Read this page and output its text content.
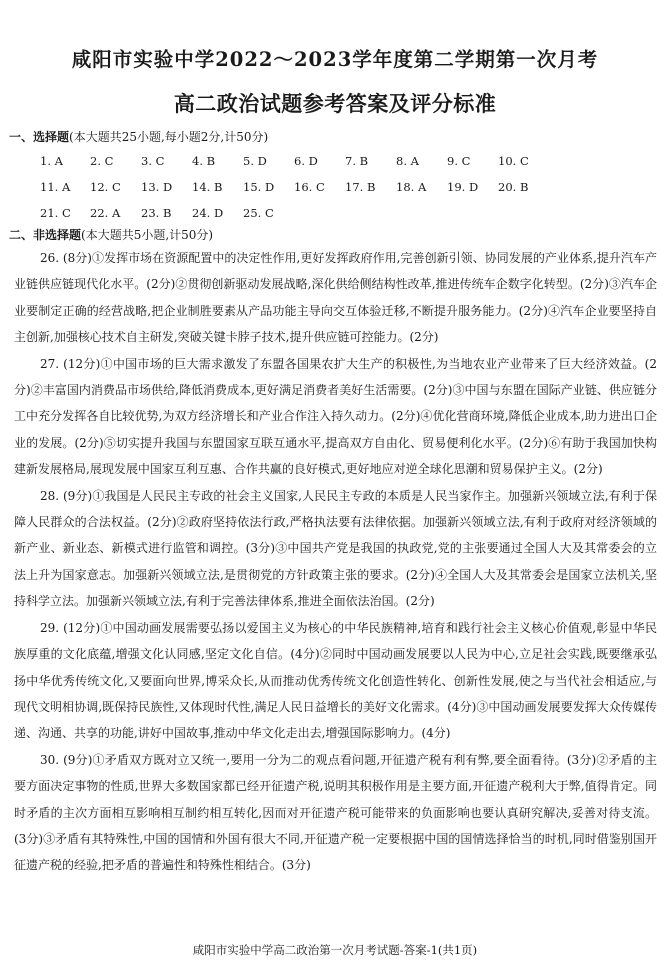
咸阳市实验中学2022～2023学年度第二学期第一次月考
高二政治试题参考答案及评分标准
一、选择题(本大题共25小题,每小题2分,计50分)
1. A 2. C 3. C 4. B 5. D 6. D 7. B 8. A 9. C 10. C
11. A 12. C 13. D 14. B 15. D 16. C 17. B 18. A 19. D 20. B
21. C 22. A 23. B 24. D 25. C
二、非选择题(本大题共5小题,计50分)

26. (8分)①发挥市场在资源配置中的决定性作用,更好发挥政府作用,完善创新引领、协同发展的产业体系,提升汽车产业链供应链现代化水平。(2分)②贯彻创新驱动发展战略,深化供给侧结构性改革,推进传统车企数字化转型。(2分)③汽车企业要制定正确的经营战略,把企业制胜要素从产品功能主导向交互体验迁移,不断提升服务能力。(2分)④汽车企业要坚持自主创新,加强核心技术自主研发,突破关键卡脖子技术,提升供应链可控能力。(2分)

27. (12分)①中国市场的巨大需求激发了东盟各国果农扩大生产的积极性,为当地农业产业带来了巨大经济效益。(2分)②丰富国内消费品市场供给,降低消费成本,更好满足消费者美好生活需要。(2分)③中国与东盟在国际产业链、供应链分工中充分发挥各自比较优势,为双方经济增长和产业合作注入持久动力。(2分)④优化营商环境,降低企业成本,助力进出口企业的发展。(2分)⑤切实提升我国与东盟国家互联互通水平,提高双方自由化、贸易便利化水平。(2分)⑥有助于我国加快构建新发展格局,展现发展中国家互利互惠、合作共赢的良好模式,更好地应对逆全球化思潮和贸易保护主义。(2分)

28. (9分)①我国是人民民主专政的社会主义国家,人民民主专政的本质是人民当家作主。加强新兴领域立法,有利于保障人民群众的合法权益。(2分)②政府坚持依法行政,严格执法要有法律依据。加强新兴领域立法,有利于政府对经济领域的新产业、新业态、新模式进行监管和调控。(3分)③中国共产党是我国的执政党,党的主张要通过全国人大及其常委会的立法上升为国家意志。加强新兴领域立法,是贯彻党的方针政策主张的要求。(2分)④全国人大及其常委会是国家立法机关,坚持科学立法。加强新兴领域立法,有利于完善法律体系,推进全面依法治国。(2分)

29. (12分)①中国动画发展需要弘扬以爱国主义为核心的中华民族精神,培育和践行社会主义核心价值观,彰显中华民族厚重的文化底蕴,增强文化认同感,坚定文化自信。(4分)②同时中国动画发展要以人民为中心,立足社会实践,既要继承弘扬中华优秀传统文化,又要面向世界,博采众长,从而推动优秀传统文化创造性转化、创新性发展,使之与当代社会相适应,与现代文明相协调,既保持民族性,又体现时代性,满足人民日益增长的美好文化需求。(4分)③中国动画发展要发挥大众传媒传递、沟通、共享的功能,讲好中国故事,推动中华文化走出去,增强国际影响力。(4分)

30. (9分)①矛盾双方既对立又统一,要用一分为二的观点看问题,开征遗产税有利有弊,要全面看待。(3分)②矛盾的主要方面决定事物的性质,世界大多数国家都已经开征遗产税,说明其积极作用是主要方面,开征遗产税利大于弊,值得肯定。同时矛盾的主次方面相互影响相互制约相互转化,因而对开征遗产税可能带来的负面影响也要认真研究解决,妥善对待支流。(3分)③矛盾有其特殊性,中国的国情和外国有很大不同,开征遗产税一定要根据中国的国情选择恰当的时机,同时借鉴别国开征遗产税的经验,把矛盾的普遍性和特殊性相结合。(3分)

咸阳市实验中学高二政治第一次月考试题-答案-1(共1页)
